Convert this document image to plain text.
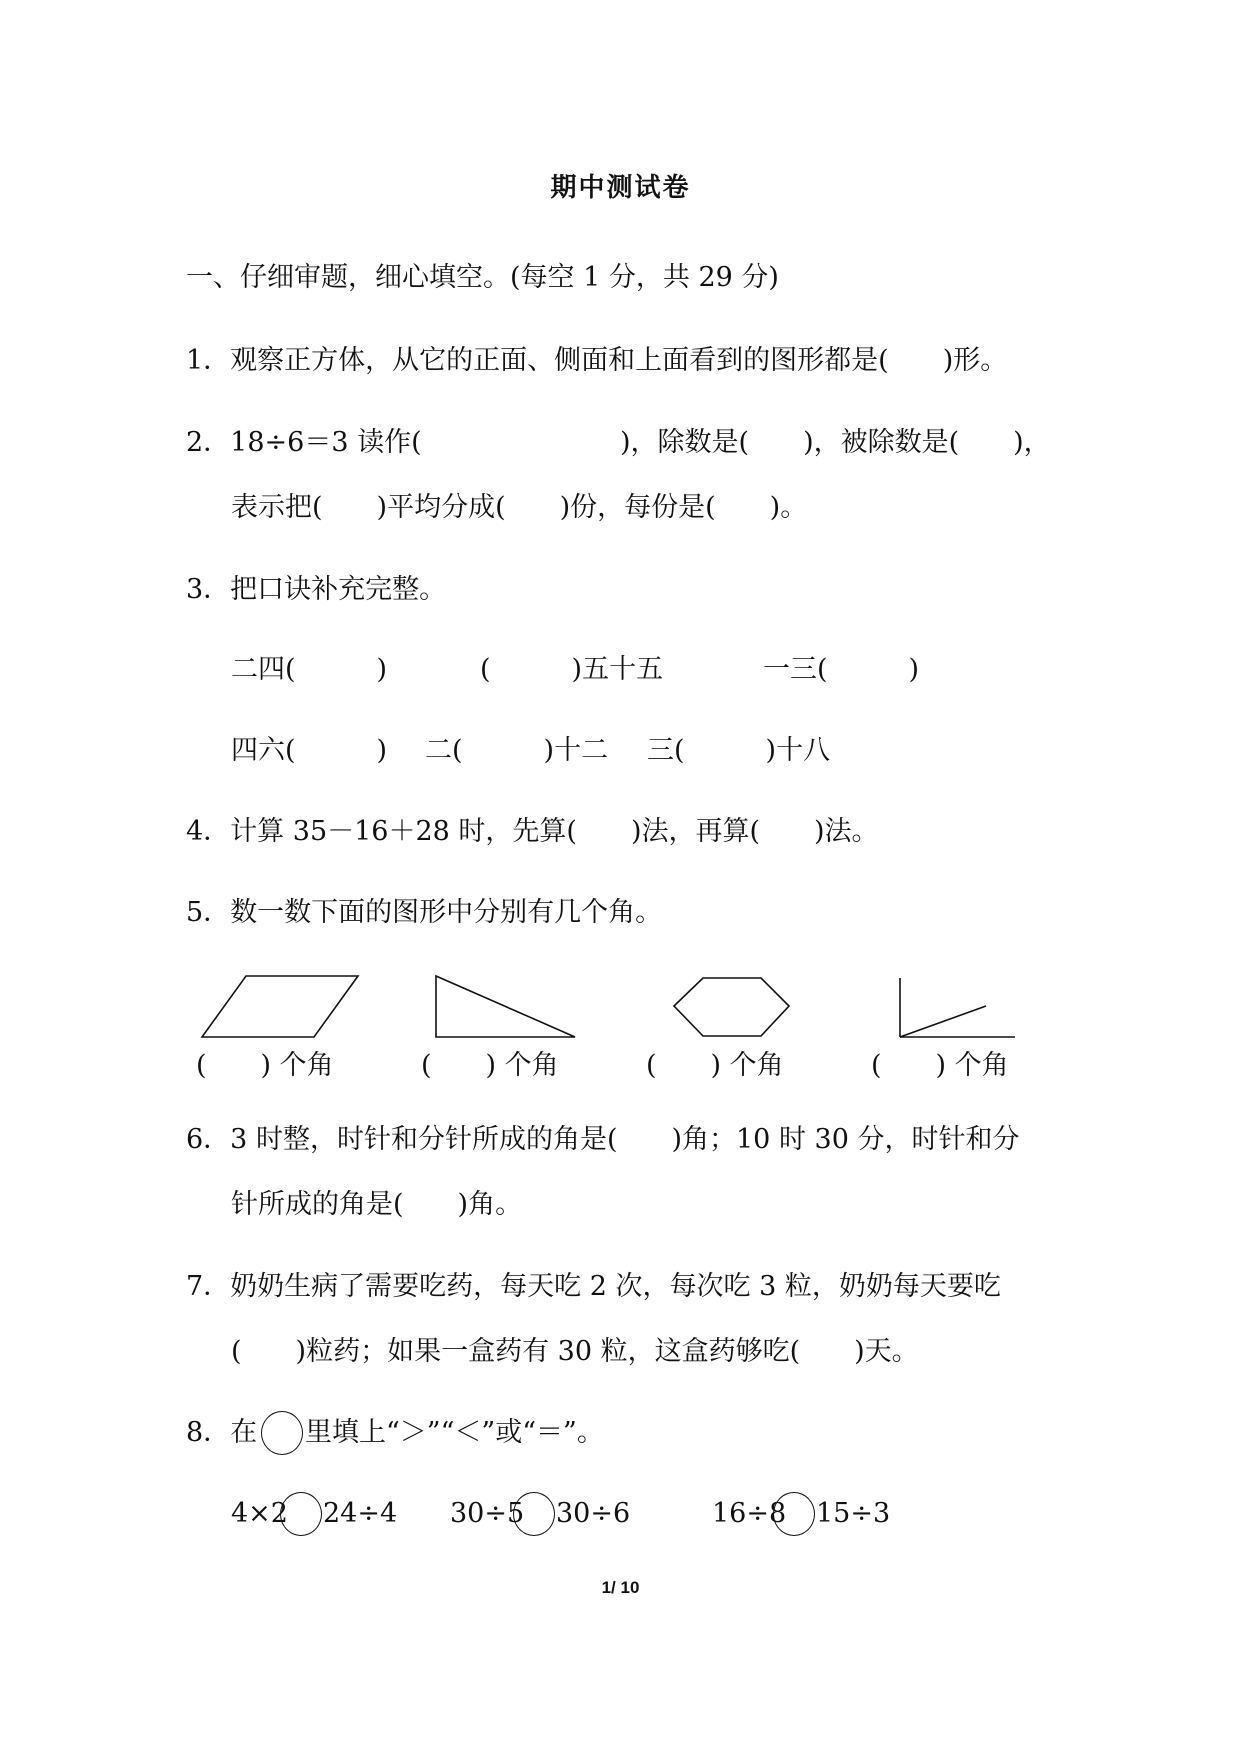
期中测试卷
一、仔细审题，细心填空。(每空 1 分，共 29 分)
1．观察正方体，从它的正面、侧面和上面看到的图形都是(　　)形。
2．18÷6＝3 读作(	)，除数是(　　)，被除数是(　　)，
表示把(　　)平均分成(　　)份，每份是(　　)。
3．把口诀补充完整。
二四(　　　)	(　　　)五十五	一三(　　　)
四六(　　　) 二(　　　)十二 三(　　　)十八
4．计算 35－16＋28 时，先算(　　)法，再算(　　)法。
5．数一数下面的图形中分别有几个角。
(　　) 个角	(　　) 个角	(　　) 个角	(　　) 个角
6．3 时整，时针和分针所成的角是(　　)角；10 时 30 分，时针和分
针所成的角是(　　)角。
7．奶奶生病了需要吃药，每天吃 2 次，每次吃 3 粒，奶奶每天要吃
(　　)粒药；如果一盒药有 30 粒，这盒药够吃(　　)天。
8．在 里填上“＞”“＜”或“＝”。
4×2 24÷4 30÷5 30÷6	16÷8 15÷3
1/ 10
